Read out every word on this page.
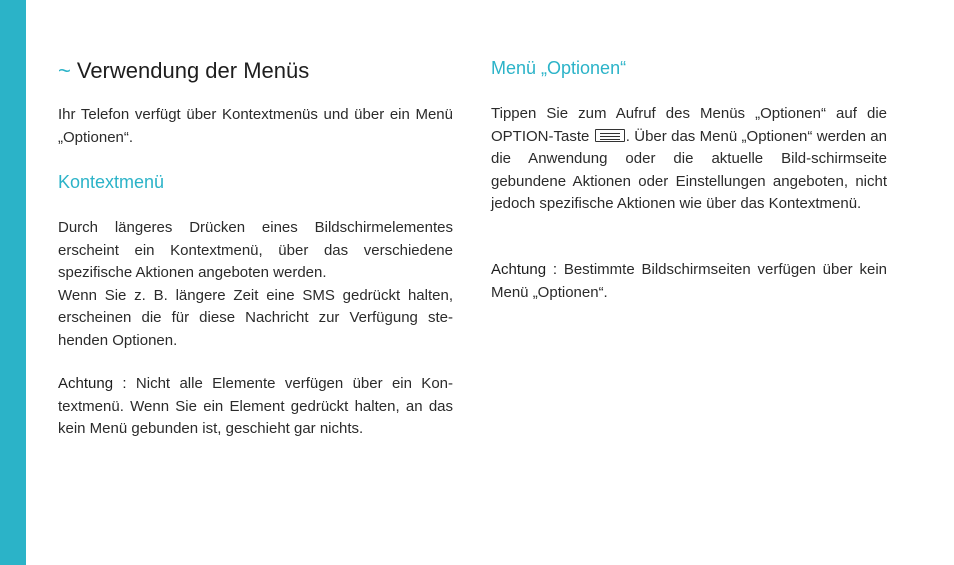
~ Verwendung der Menüs

Ihr Telefon verfügt über Kontextmenüs und über ein Menü „Optionen“.

Kontextmenü

Durch längeres Drücken eines Bildschirmelementes erscheint ein Kontextmenü, über das verschiedene spezifische Aktionen angeboten werden.
Wenn Sie z. B. längere Zeit eine SMS gedrückt halten, erscheinen die für diese Nachricht zur Verfügung ste-henden Optionen.

Achtung : Nicht alle Elemente verfügen über ein Kon-textmenü. Wenn Sie ein Element gedrückt halten, an das kein Menü gebunden ist, geschieht gar nichts.

Menü „Optionen“

Tippen Sie zum Aufruf des Menüs „Optionen“ auf die OPTION-Taste . Über das Menü „Optionen“ werden an die Anwendung oder die aktuelle Bild-schirmseite gebundene Aktionen oder Einstellungen angeboten, nicht jedoch spezifische Aktionen wie über das Kontextmenü.

Achtung : Bestimmte Bildschirmseiten verfügen über kein Menü „Optionen“.
